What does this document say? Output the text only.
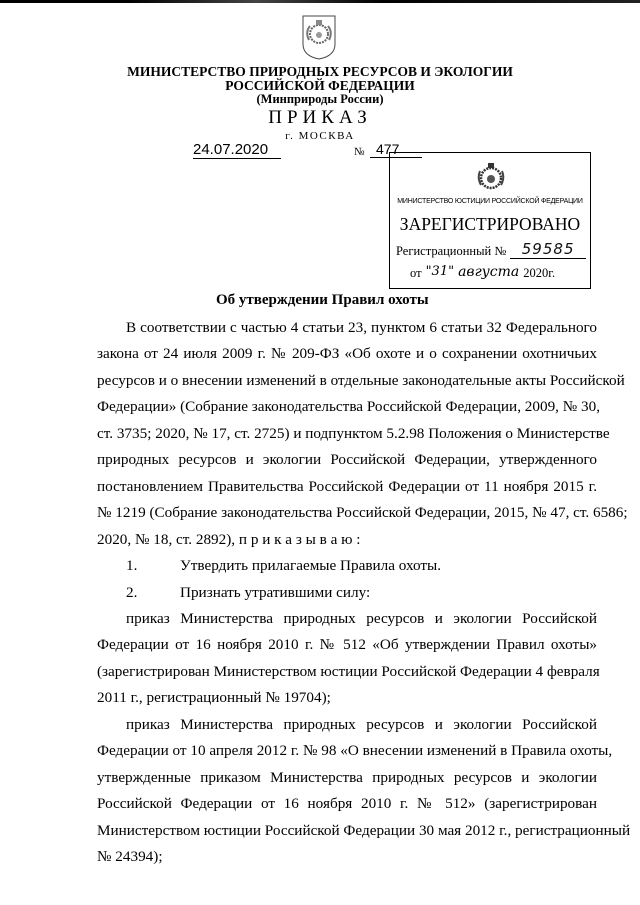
МИНИСТЕРСТВО ПРИРОДНЫХ РЕСУРСОВ И ЭКОЛОГИИ
РОССИЙСКОЙ ФЕДЕРАЦИИ
(Минприроды России)
ПРИКАЗ
г. МОСКВА
24.07.2020	№ 477
МИНИСТЕРСТВО ЮСТИЦИИ РОССИЙСКОЙ ФЕДЕРАЦИИ
ЗАРЕГИСТРИРОВАНО
Регистрационный №	59585
от "31" августа 2020г.
Об утверждении Правил охоты
В соответствии с частью 4 статьи 23, пунктом 6 статьи 32 Федерального
закона от 24 июля 2009 г. № 209-ФЗ «Об охоте и о сохранении охотничьих
ресурсов и о внесении изменений в отдельные законодательные акты Российской
Федерации» (Собрание законодательства Российской Федерации, 2009, № 30,
ст. 3735; 2020, № 17, ст. 2725) и подпунктом 5.2.98 Положения о Министерстве
природных ресурсов и экологии Российской Федерации, утвержденного
постановлением Правительства Российской Федерации от 11 ноября 2015 г.
№ 1219 (Собрание законодательства Российской Федерации, 2015, № 47, ст. 6586;
2020, № 18, ст. 2892), п р и к а з ы в а ю :
1.	Утвердить прилагаемые Правила охоты.
2.	Признать утратившими силу:
приказ Министерства природных ресурсов и экологии Российской
Федерации от 16 ноября 2010 г. № 512 «Об утверждении Правил охоты»
(зарегистрирован Министерством юстиции Российской Федерации 4 февраля
2011 г., регистрационный № 19704);
приказ Министерства природных ресурсов и экологии Российской
Федерации от 10 апреля 2012 г. № 98 «О внесении изменений в Правила охоты,
утвержденные приказом Министерства природных ресурсов и экологии
Российской Федерации от 16 ноября 2010 г. № 512» (зарегистрирован
Министерством юстиции Российской Федерации 30 мая 2012 г., регистрационный
№ 24394);
